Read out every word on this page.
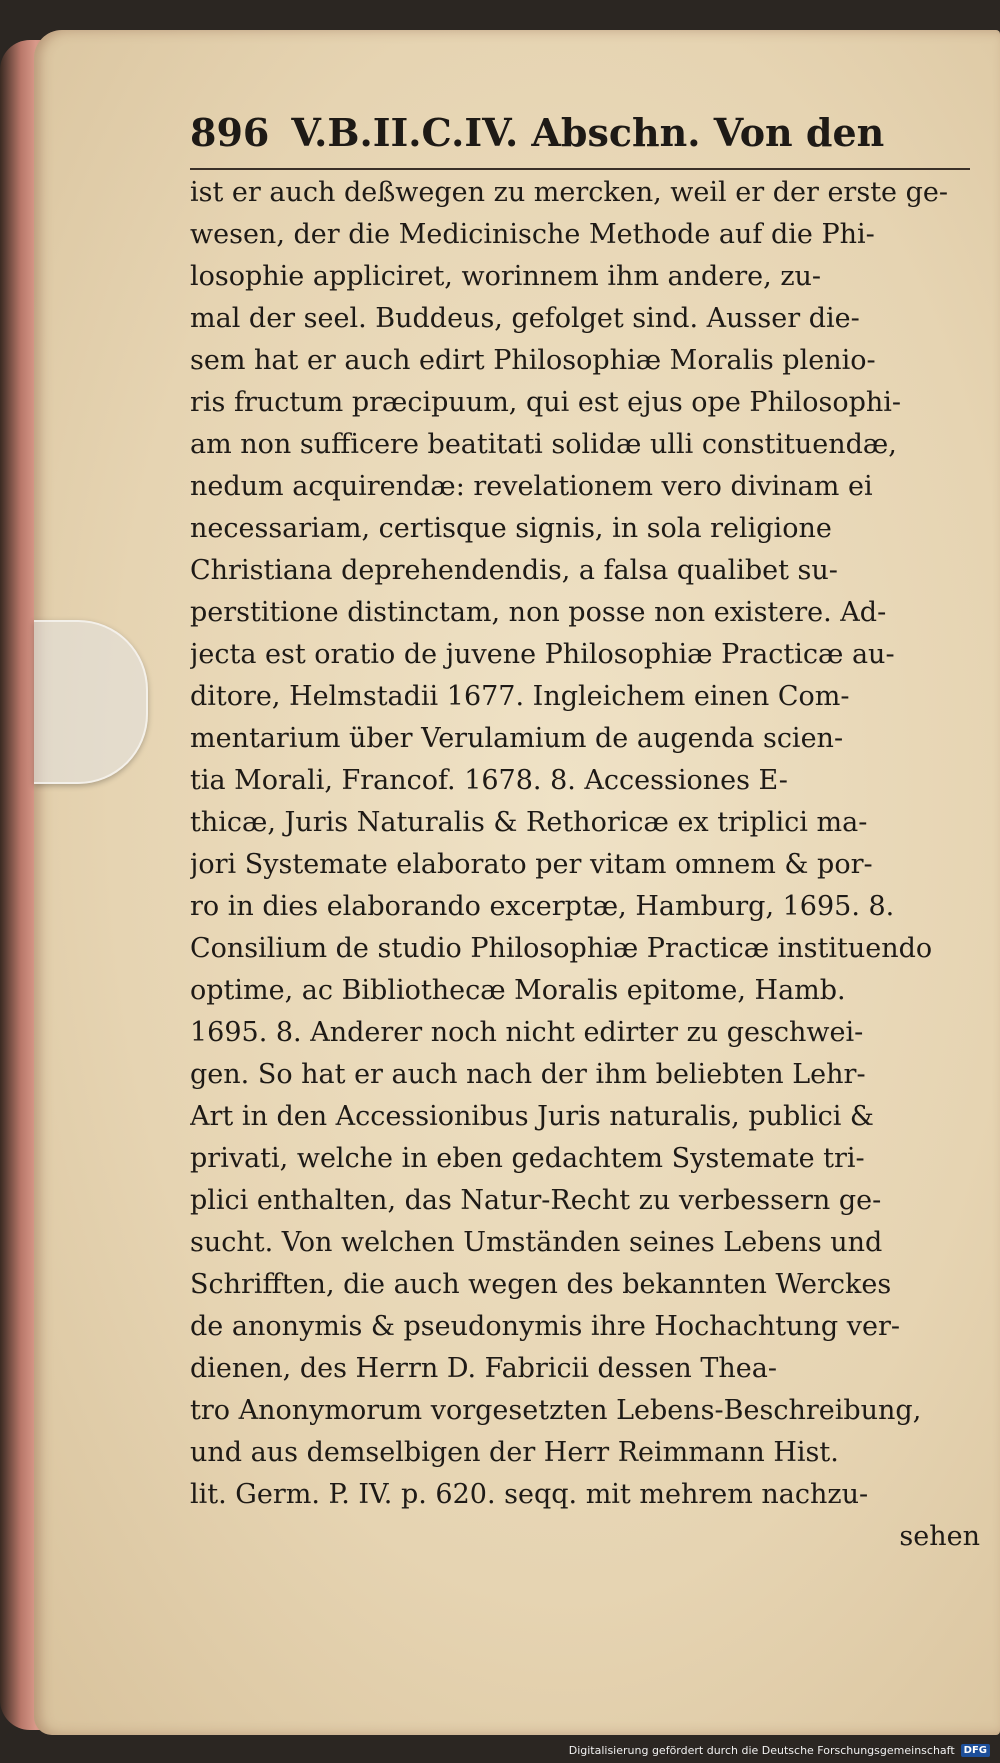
896 V.B.II.C.IV. Abschn. Von den
ist er auch deßwegen zu mercken, weil er der erste ge-
wesen, der die Medicinische Methode auf die Phi-
losophie appliciret, worinnem ihm andere, zu-
mal der seel. Buddeus, gefolget sind. Ausser die-
sem hat er auch edirt Philosophiæ Moralis plenio-
ris fructum præcipuum, qui est ejus ope Philosophi-
am non sufficere beatitati solidæ ulli constituendæ,
nedum acquirendæ: revelationem vero divinam ei
necessariam, certisque signis, in sola religione
Christiana deprehendendis, a falsa qualibet su-
perstitione distinctam, non posse non existere. Ad-
jecta est oratio de juvene Philosophiæ Practicæ au-
ditore, Helmstadii 1677. Ingleichem einen Com-
mentarium über Verulamium de augenda scien-
tia Morali, Francof. 1678. 8. Accessiones E-
thicæ, Juris Naturalis & Rethoricæ ex triplici ma-
jori Systemate elaborato per vitam omnem & por-
ro in dies elaborando excerptæ, Hamburg, 1695. 8.
Consilium de studio Philosophiæ Practicæ instituendo
optime, ac Bibliothecæ Moralis epitome, Hamb.
1695. 8. Anderer noch nicht edirter zu geschwei-
gen. So hat er auch nach der ihm beliebten Lehr-
Art in den Accessionibus Juris naturalis, publici &
privati, welche in eben gedachtem Systemate tri-
plici enthalten, das Natur-Recht zu verbessern ge-
sucht. Von welchen Umständen seines Lebens und
Schrifften, die auch wegen des bekannten Werckes
de anonymis & pseudonymis ihre Hochachtung ver-
dienen, des Herrn D. Fabricii dessen Thea-
tro Anonymorum vorgesetzten Lebens-Beschreibung,
und aus demselbigen der Herr Reimmann Hist.
lit. Germ. P. IV. p. 620. seqq. mit mehrem nachzu-
sehen
Digitalisierung gefördert durch die Deutsche Forschungsgemeinschaft DFG
